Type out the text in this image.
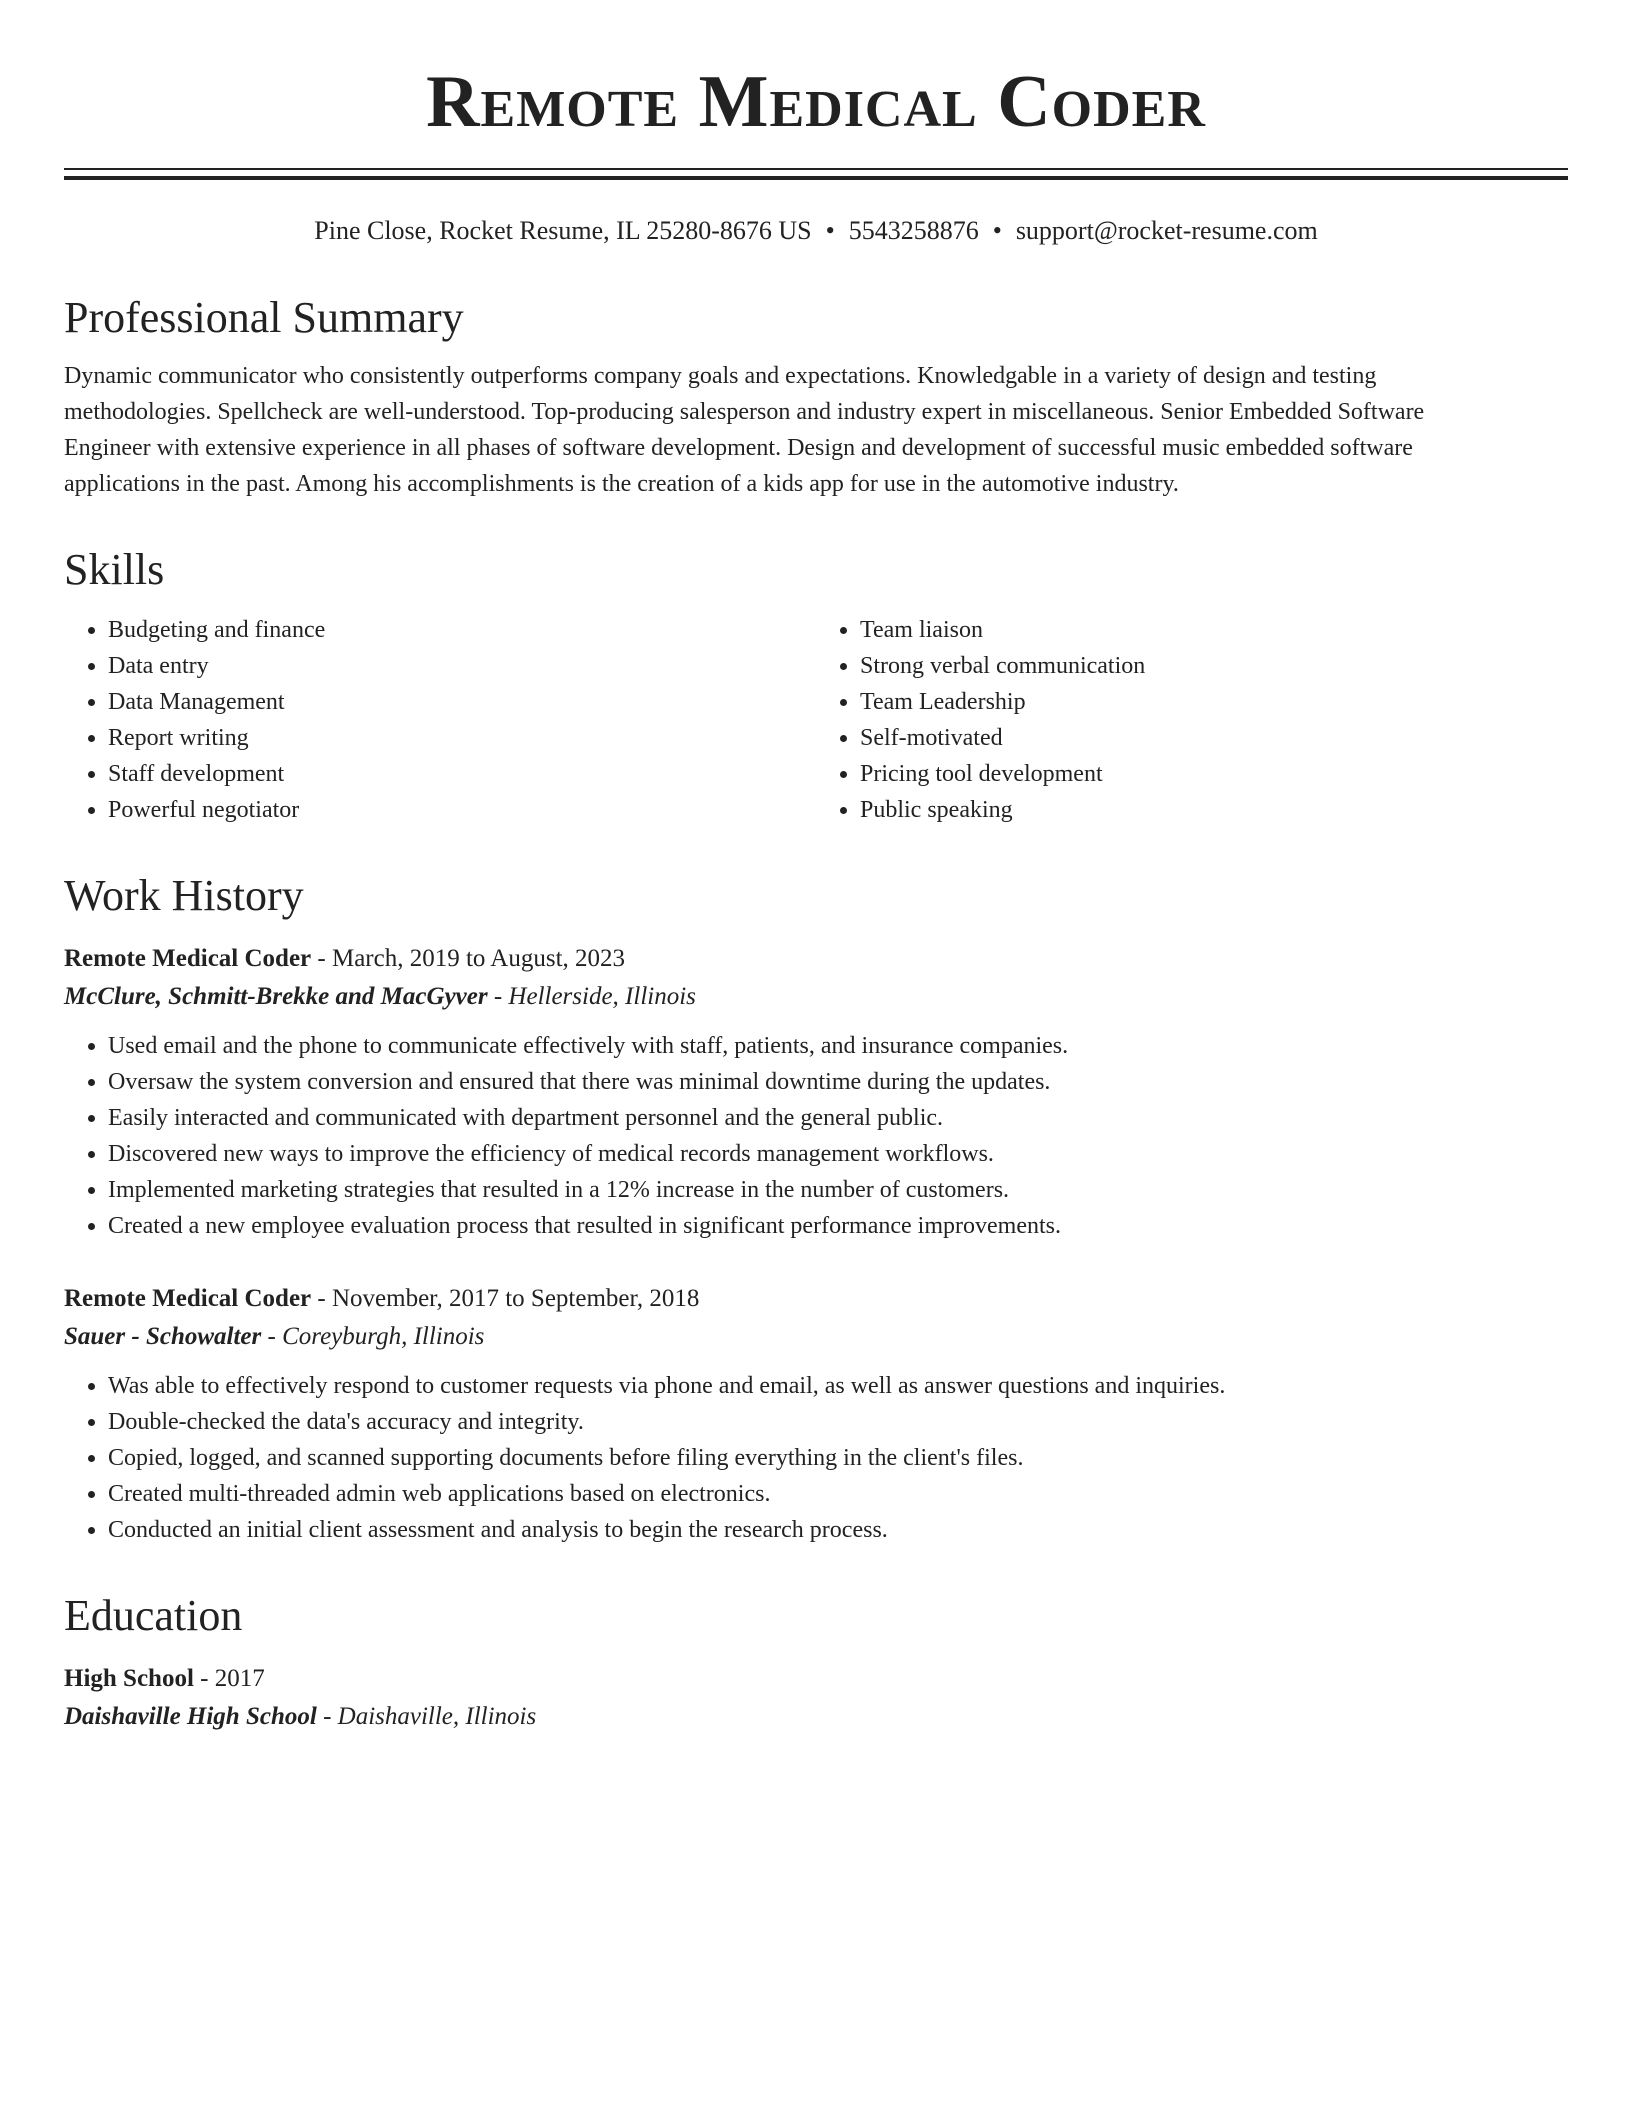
Remote Medical Coder
Pine Close, Rocket Resume, IL 25280-8676 US • 5543258876 • support@rocket-resume.com
Professional Summary

Dynamic communicator who consistently outperforms company goals and expectations. Knowledgable in a variety of design and testing methodologies. Spellcheck are well-understood. Top-producing salesperson and industry expert in miscellaneous. Senior Embedded Software Engineer with extensive experience in all phases of software development. Design and development of successful music embedded software applications in the past. Among his accomplishments is the creation of a kids app for use in the automotive industry.

Skills
• Budgeting and finance
• Data entry
• Data Management
• Report writing
• Staff development
• Powerful negotiator
• Team liaison
• Strong verbal communication
• Team Leadership
• Self-motivated
• Pricing tool development
• Public speaking
Work History
Remote Medical Coder - March, 2019 to August, 2023
McClure, Schmitt-Brekke and MacGyver - Hellerside, Illinois
• Used email and the phone to communicate effectively with staff, patients, and insurance companies.
• Oversaw the system conversion and ensured that there was minimal downtime during the updates.
• Easily interacted and communicated with department personnel and the general public.
• Discovered new ways to improve the efficiency of medical records management workflows.
• Implemented marketing strategies that resulted in a 12% increase in the number of customers.
• Created a new employee evaluation process that resulted in significant performance improvements.
Remote Medical Coder - November, 2017 to September, 2018
Sauer - Schowalter - Coreyburgh, Illinois
• Was able to effectively respond to customer requests via phone and email, as well as answer questions and inquiries.
• Double-checked the data's accuracy and integrity.
• Copied, logged, and scanned supporting documents before filing everything in the client's files.
• Created multi-threaded admin web applications based on electronics.
• Conducted an initial client assessment and analysis to begin the research process.
Education
High School - 2017
Daishaville High School - Daishaville, Illinois
